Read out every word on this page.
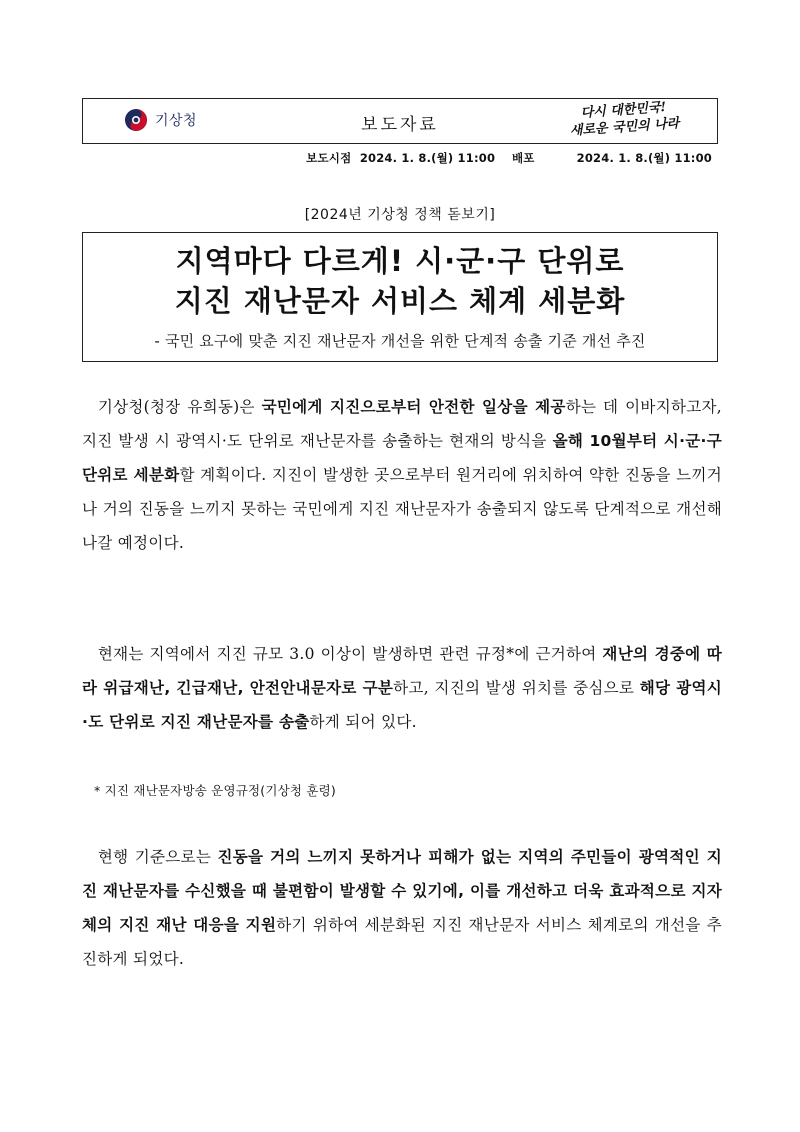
기상청	보도자료
다시 대한민국!
새로운 국민의 나라
보도시점  2024. 1. 8.(월) 11:00    배포          2024. 1. 8.(월) 11:00
[2024년 기상청 정책 돋보기]
지역마다 다르게! 시·군·구 단위로
지진 재난문자 서비스 체계 세분화
- 국민 요구에 맞춘 지진 재난문자 개선을 위한 단계적 송출 기준 개선 추진
 기상청(청장 유희동)은 국민에게 지진으로부터 안전한 일상을 제공하는 데 이바지하고자, 지진 발생 시 광역시·도 단위로 재난문자를 송출하는 현재의 방식을 올해 10월부터 시·군·구 단위로 세분화할 계획이다. 지진이 발생한 곳으로부터 원거리에 위치하여 약한 진동을 느끼거나 거의 진동을 느끼지 못하는 국민에게 지진 재난문자가 송출되지 않도록 단계적으로 개선해 나갈 예정이다.
 현재는 지역에서 지진 규모 3.0 이상이 발생하면 관련 규정*에 근거하여 재난의 경중에 따라 위급재난, 긴급재난, 안전안내문자로 구분하고, 지진의 발생 위치를 중심으로 해당 광역시·도 단위로 지진 재난문자를 송출하게 되어 있다.
* 지진 재난문자방송 운영규정(기상청 훈령)
 현행 기준으로는 진동을 거의 느끼지 못하거나 피해가 없는 지역의 주민들이 광역적인 지진 재난문자를 수신했을 때 불편함이 발생할 수 있기에, 이를 개선하고 더욱 효과적으로 지자체의 지진 재난 대응을 지원하기 위하여 세분화된 지진 재난문자 서비스 체계로의 개선을 추진하게 되었다.
